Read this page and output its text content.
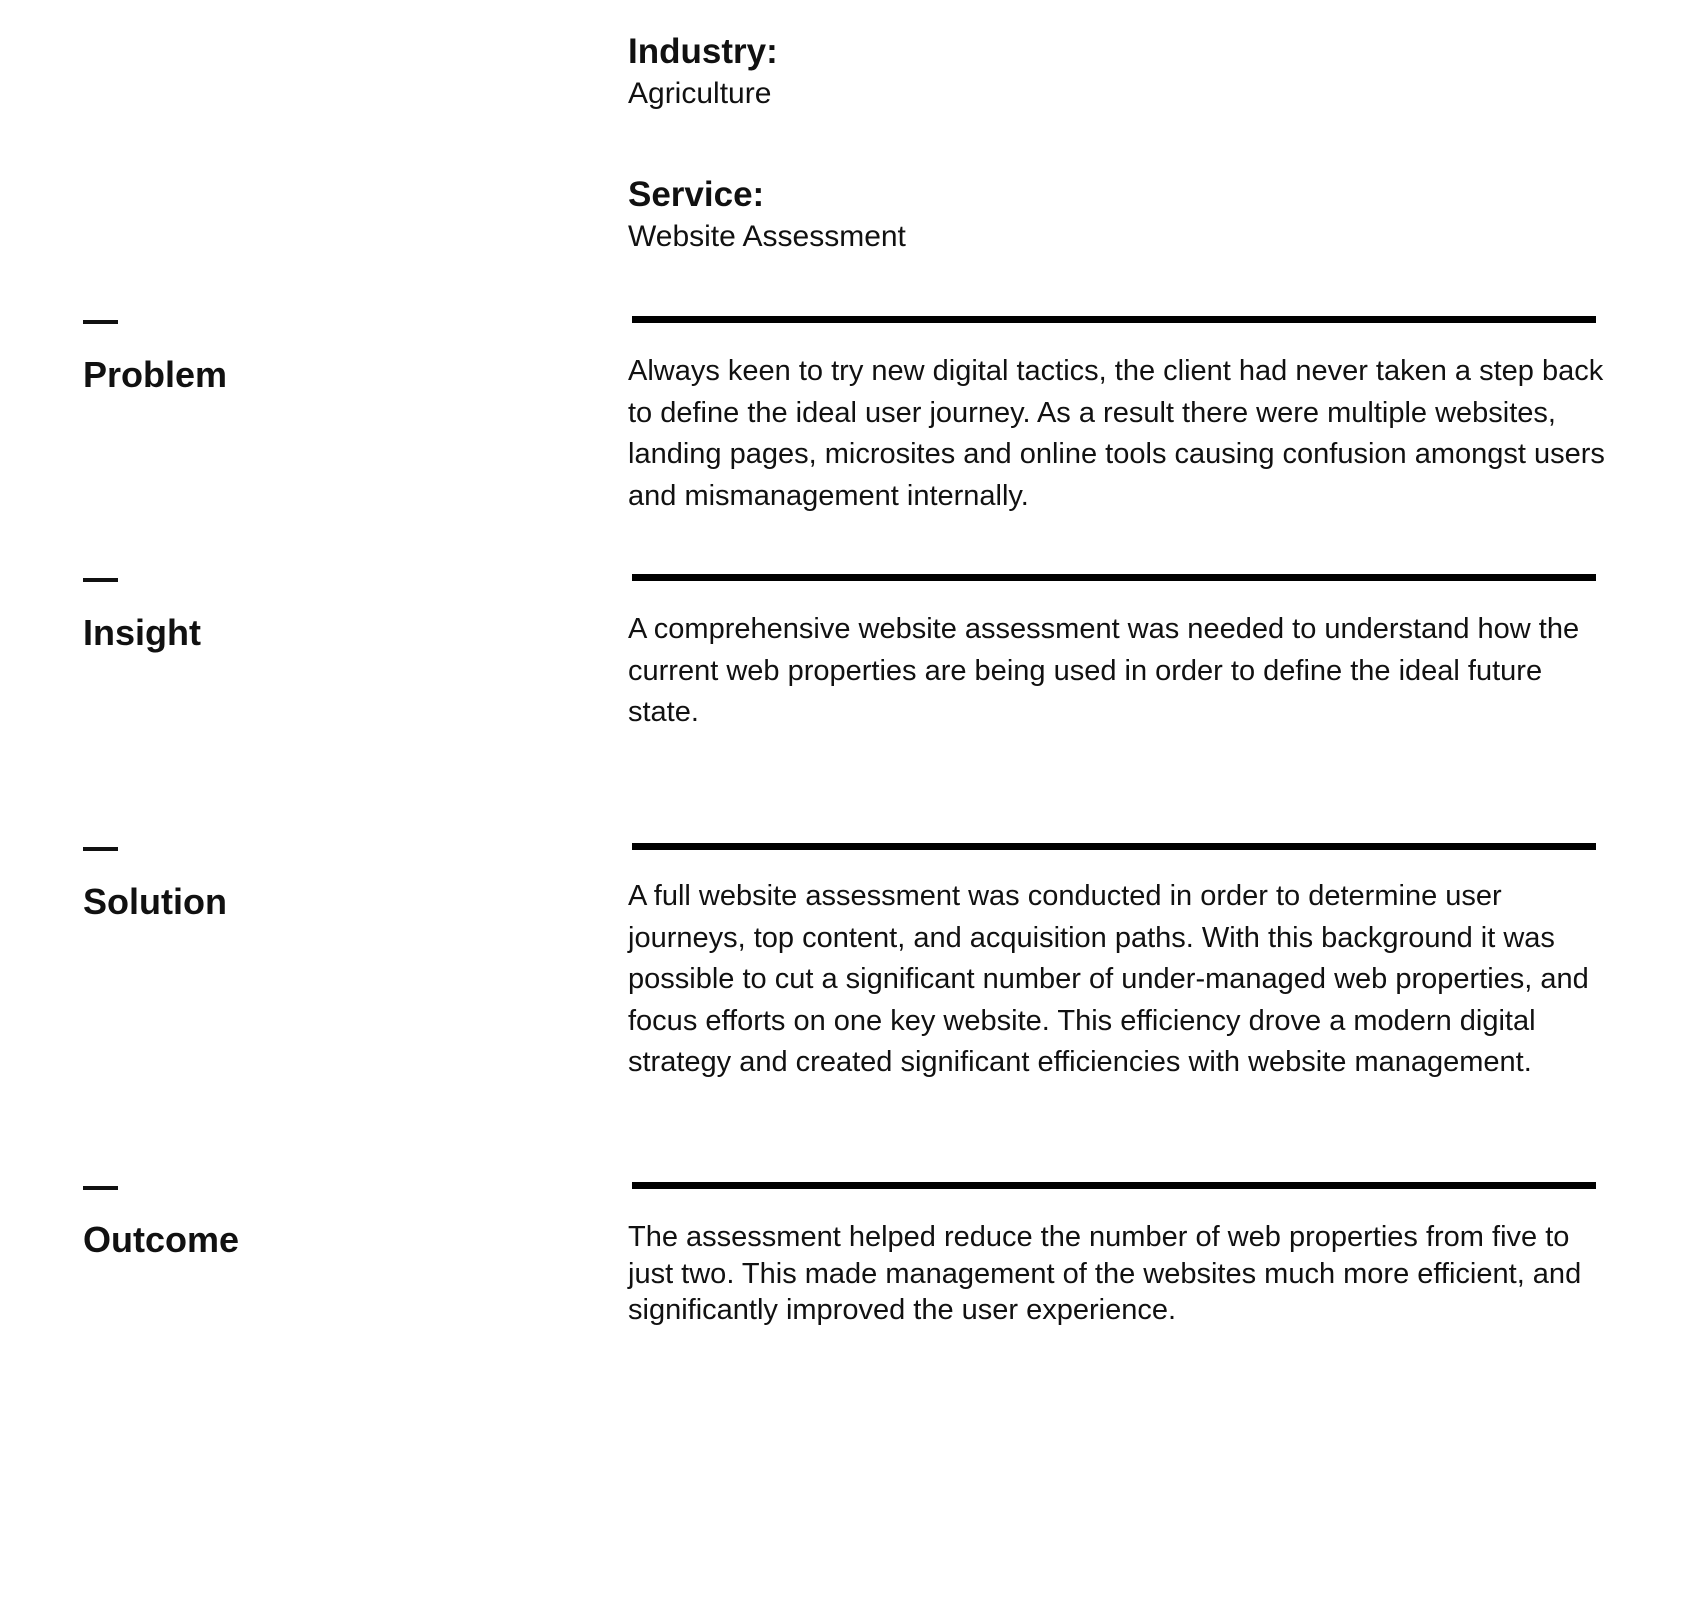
Industry:

Agriculture

Service:

Website Assessment

Problem	Always keen to try new digital tactics, the client had never taken a step back to define the ideal user journey. As a result there were multiple websites, landing pages, microsites and online tools causing confusion amongst users and mismanagement internally.

Insight	A comprehensive website assessment was needed to understand how the current web properties are being used in order to define the ideal future state.

Solution	A full website assessment was conducted in order to determine user journeys, top content, and acquisition paths. With this background it was possible to cut a significant number of under-managed web properties, and focus efforts on one key website. This efficiency drove a modern digital strategy and created significant efficiencies with website management.

Outcome	The assessment helped reduce the number of web properties from five to just two. This made management of the websites much more efficient, and significantly improved the user experience.
